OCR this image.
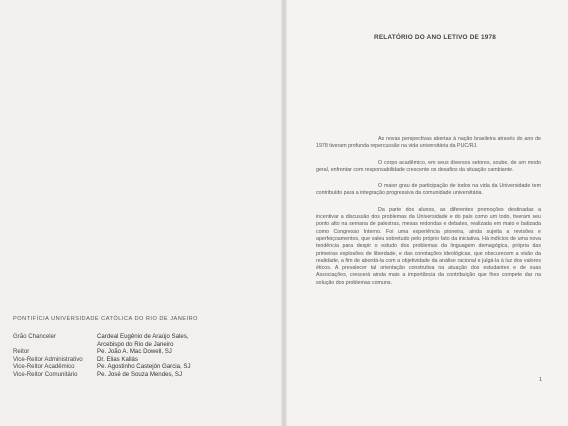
PONTIFÍCIA UNIVERSIDADE CATÓLICA DO RIO DE JANEIRO
Grão Chanceler	Cardeal Eugênio de Araújo Sales,
Arcebispo do Rio de Janeiro
Reitor	Pe. João A. Mac Dowell, SJ
Vice-Reitor Administrativo	Dr. Elias Kallás
Vice-Reitor Acadêmico	Pe. Agostinho Castejón Garcia, SJ
Vice-Reitor Comunitário	Pe. José de Souza Mendes, SJ
RELATÓRIO DO ANO LETIVO DE 1978

As novas perspectivas abertas à nação brasileira através do ano de 1978 tiveram profunda repercussão na vida universitária da PUC/RJ.

O corpo acadêmico, em seus diversos setores, soube, de um modo geral, enfrentar com responsabilidade crescente os desafios da situação cambiante.

O maior grau de participação de todos na vida da Universidade tem contribuído para a integração progressiva da comunidade universitária.

Da parte dos alunos, as diferentes promoções destinadas a incentivar a discussão dos problemas da Universidade e do país como um todo, tiveram seu ponto alto na semana de palestras, mesas redondas e debates, realizada em maio e batizada como Congresso Interno. Foi uma experiência pioneira, ainda sujeita a revisões e aperfeiçoamentos, que valeu sobretudo pelo próprio fato da iniciativa. Há indícios de uma nova tendência para despir o estudo dos problemas da linguagem demagógica, própria das primeiras explosões de liberdade, e das conotações ideológicas, que obscurecem a visão da realidade, a fim de abordá-la com a objetividade da análise racional e julgá-la à luz dos valores éticos. A prevalecer tal orientação construtiva na atuação dos estudantes e de suas Associações, crescerá ainda mais a importância da contribuição que lhes compete dar na solução dos problemas comuns.

1
